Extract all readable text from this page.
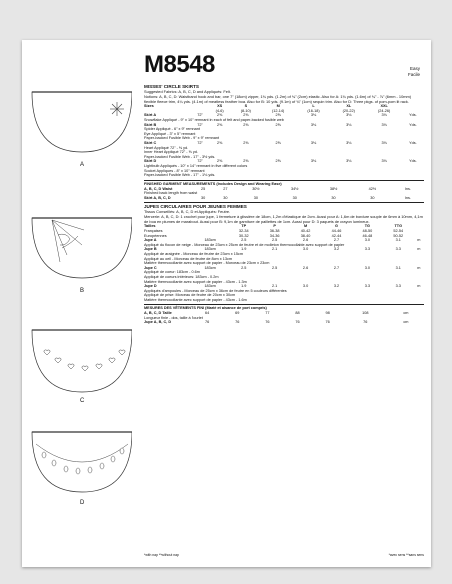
A
B
C
D
M8548	Easy
Facile
MISSES' CIRCLE SKIRTS
Suggested Fabrics: A, B, C, D and Appliqués: Felt.
Notions: A, B, C, D: Waistband hook and bar, one 7" (18cm) zipper, 1¾ yds. (1.2m) of ¾" (2cm) elastic. Also for A: 1¾ yds. (1.6m) of ¾" - ⅞" (6mm - 10mm) flexible fleece trim, 4¼ yds. (4.1m) of meatless feather boa. Also for B: 10 yds. (9.1m) of ¾" (1cm) sequin trim. Also for D: Three pkgs. of pom-pom lit rack.
Sizes		XS	S	M	L	XL	XXL	
		(4-6)	(8-10)	(12-14)	(16-18)	(20-22)	(24-26)	
Skirt A	72"	2⅝	2⅝	2⅝	3⅛	3⅛	3⅛	Yds.
Snowflake Appliqué - 9" x 10" remnant in each of felt and paper-backed fusible web								
Skirt B	72"	2⅝	2⅝	2⅝	3⅛	3⅛	3⅛	Yds.
Spider Appliqué - 6" x 9" remnant								
Eye Appliqué - 3" x 5" remnant								
Paper-backed Fusible Web - 9" x 9" remnant								
Skirt C	72"	2⅝	2⅝	2⅝	3⅛	3⅛	3⅛	Yds.
Heart Appliqué 72" - ⅜ yd.								
Inner Heart Appliqué 72" - ⅜ yd.								
Paper-backed Fusible Web - 17" - 3½ yds.								
Skirt D	72"	2⅝	2⅝	2⅝	3⅛	3⅛	3⅛	Yds.
Lightbulb Appliqués - 10" x 14" remnant in five different colors								
Socket Appliques - 8" x 10" remnant								
Paper-backed Fusible Web - 17" - 1⅛ yds.								
FINISHED GARMENT MEASUREMENTS (Includes Design and Wearing Ease)
A, B, C, D Waist	25	27	30½	34½	38½	42½	Ins.
Finished back length from waist							
Skirt A, B, C, D	30	30	30	30	30	30	Ins.
JUPES CIRCULAIRES POUR JEUNES FEMMES
Tissus Conseillés: A, B, C, D et Appliqués: Feutre.
Mercerie: A, B, C, D: 1 crochet pour jupe, 1 fermeture à glissière de 18cm, 1,2m d'élastique de 2cm. Aussi pour A: 1,6m de bordure souple de 6mm à 10mm, 4,1m de boa en plumes de marabout. Aussi pour B: 9,1m de garniture de paillettes de 1cm. Aussi pour D: 3 paquets de crayon lumineux.
Tailles		TP	P	M	G	TG	TTG	
Françaises		32-34	36-38	40-42	44-46	48-50	52-54	
Européennes		30-32	34-36	38-40	42-44	46-48	50-52	
Jupe A	183cm	2.5	2.5	2.6	2.7	3.0	3.1	m
Appliqué du flocon de neige - Morceau de 23cm x 25cm de feutre et de molleton thermocollable avec support de papier								
Jupe B	183cm	1.9	2.1	3.0	3.2	3.3	3.3	m
Appliqué de araignée - Morceau de feutre de 23cm x 15cm								
Appliqué au oeil - Morceau de feutre de 8cm x 13cm								
Matière thermocollante avec support de papier - Morceau de 23cm x 23cm								
Jupe C	183cm	2.5	2.5	2.6	2.7	3.0	3.1	m
Appliqué de coeur: 183cm - 0.6m								
Appliqué de coeurs intérieurs: 183cm - 0.2m								
Matière thermocollante avec support de papier - 43cm - 1.3m								
Jupe D	183cm	1.9	2.1	3.0	3.2	3.3	3.3	m
Appliqués d'ampoules - Morceau de 25cm x 36cm de feutre en 5 couleurs différentes								
Appliqué de prise: Morceau de feutre de 20cm x 30cm								
Matière thermocollante avec support de papier - 43cm - 1.6m								
MESURES DES VÊTEMENTS FINI (Marié et aisance de port compris)
A, B, C, D Taille	64	69	77	88	98	108	cm
Longueur finie - dos, taille à l'ourlet							
Jupe A, B, C, D	76	76	76	76	76	76	cm
*with nap **without nap	*avec sens **sans sens
